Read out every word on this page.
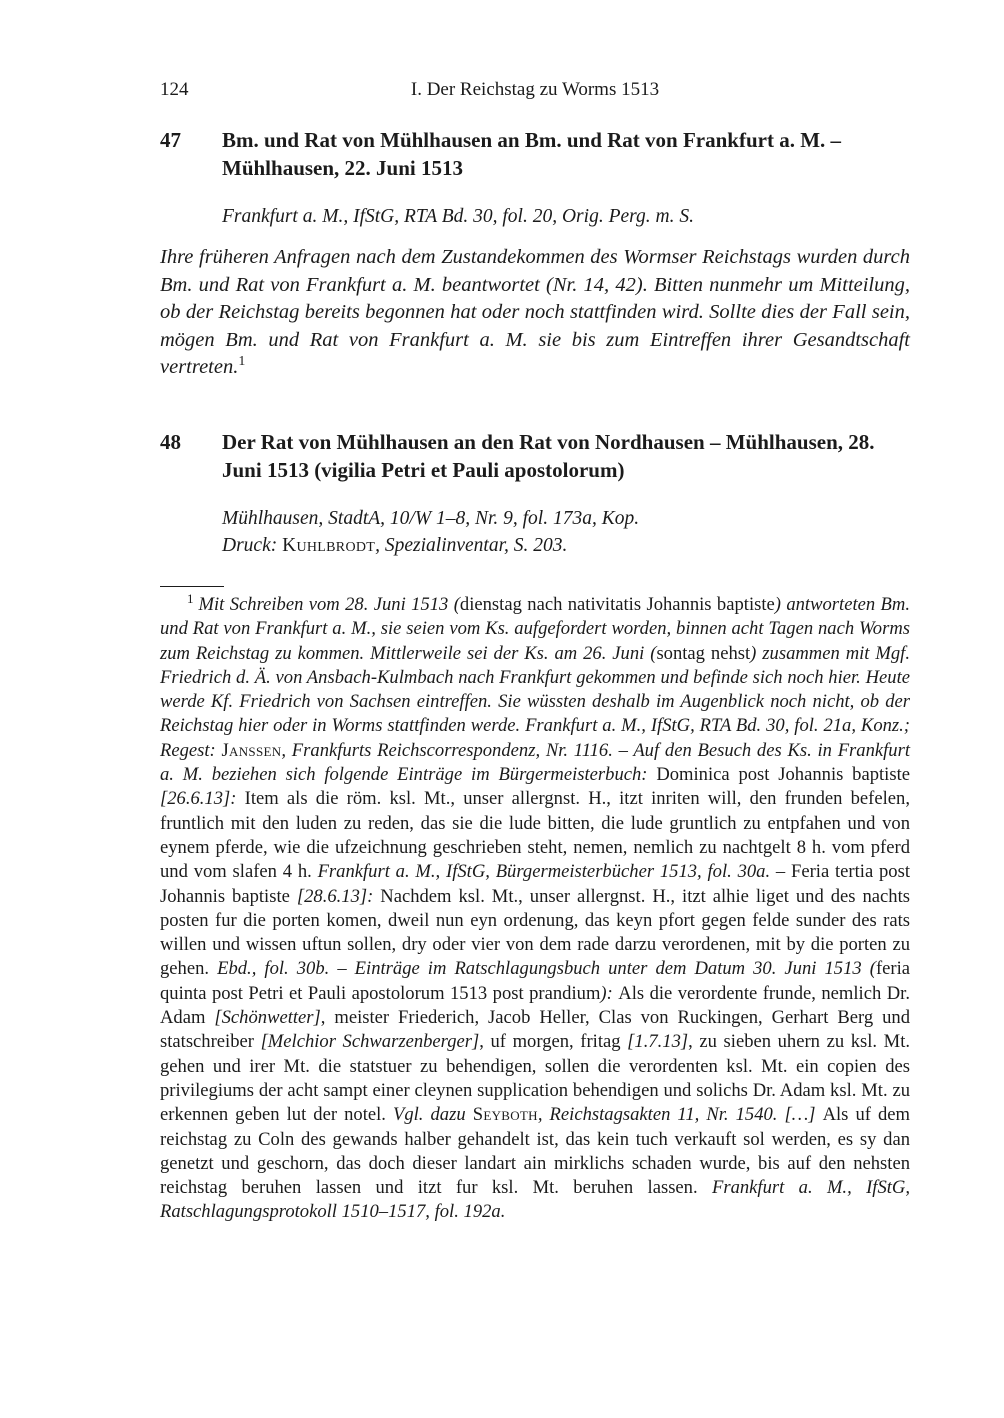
124	I. Der Reichstag zu Worms 1513
47	Bm. und Rat von Mühlhausen an Bm. und Rat von Frankfurt a. M. – Mühlhausen, 22. Juni 1513

Frankfurt a. M., IfStG, RTA Bd. 30, fol. 20, Orig. Perg. m. S.

Ihre früheren Anfragen nach dem Zustandekommen des Wormser Reichstags wurden durch Bm. und Rat von Frankfurt a. M. beantwortet (Nr. 14, 42). Bitten nunmehr um Mitteilung, ob der Reichstag bereits begonnen hat oder noch stattfinden wird. Sollte dies der Fall sein, mögen Bm. und Rat von Frankfurt a. M. sie bis zum Eintreffen ihrer Gesandtschaft vertreten.$^1$

48	Der Rat von Mühlhausen an den Rat von Nordhausen – Mühlhausen, 28. Juni 1513 (vigilia Petri et Pauli apostolorum)

Mühlhausen, StadtA, 10/W 1–8, Nr. 9, fol. 173a, Kop.

Druck: Kuhlbrodt, Spezialinventar, S. 203.

$^1$ Mit Schreiben vom 28. Juni 1513 (dienstag nach nativitatis Johannis baptiste) antworteten Bm. und Rat von Frankfurt a. M., sie seien vom Ks. aufgefordert worden, binnen acht Tagen nach Worms zum Reichstag zu kommen. Mittlerweile sei der Ks. am 26. Juni (sontag nehst) zusammen mit Mgf. Friedrich d. Ä. von Ansbach-Kulmbach nach Frankfurt gekommen und befinde sich noch hier. Heute werde Kf. Friedrich von Sachsen eintreffen. Sie wüssten deshalb im Augenblick noch nicht, ob der Reichstag hier oder in Worms stattfinden werde. Frankfurt a. M., IfStG, RTA Bd. 30, fol. 21a, Konz.; Regest: Janssen, Frankfurts Reichscorrespondenz, Nr. 1116. – Auf den Besuch des Ks. in Frankfurt a. M. beziehen sich folgende Einträge im Bürgermeisterbuch: Dominica post Johannis baptiste [26.6.13]: Item als die röm. ksl. Mt., unser allergnst. H., itzt inriten will, den frunden befelen, fruntlich mit den luden zu reden, das sie die lude bitten, die lude gruntlich zu entpfahen und von eynem pferde, wie die ufzeichnung geschrieben steht, nemen, nemlich zu nachtgelt 8 h. vom pferd und vom slafen 4 h. Frankfurt a. M., IfStG, Bürgermeisterbücher 1513, fol. 30a. – Feria tertia post Johannis baptiste [28.6.13]: Nachdem ksl. Mt., unser allergnst. H., itzt alhie liget und des nachts posten fur die porten komen, dweil nun eyn ordenung, das keyn pfort gegen felde sunder des rats willen und wissen uftun sollen, dry oder vier von dem rade darzu verordenen, mit by die porten zu gehen. Ebd., fol. 30b. – Einträge im Ratschlagungsbuch unter dem Datum 30. Juni 1513 (feria quinta post Petri et Pauli apostolorum 1513 post prandium): Als die verordente frunde, nemlich Dr. Adam [Schönwetter], meister Friederich, Jacob Heller, Clas von Ruckingen, Gerhart Berg und statschreiber [Melchior Schwarzenberger], uf morgen, fritag [1.7.13], zu sieben uhern zu ksl. Mt. gehen und irer Mt. die statstuer zu behendigen, sollen die verordenten ksl. Mt. ein copien des privilegiums der acht sampt einer cleynen supplication behendigen und solichs Dr. Adam ksl. Mt. zu erkennen geben lut der notel. Vgl. dazu Seyboth, Reichstagsakten 11, Nr. 1540. […] Als uf dem reichstag zu Coln des gewands halber gehandelt ist, das kein tuch verkauft sol werden, es sy dan genetzt und geschorn, das doch dieser landart ain mirklichs schaden wurde, bis auf den nehsten reichstag beruhen lassen und itzt fur ksl. Mt. beruhen lassen. Frankfurt a. M., IfStG, Ratschlagungsprotokoll 1510–1517, fol. 192a.
